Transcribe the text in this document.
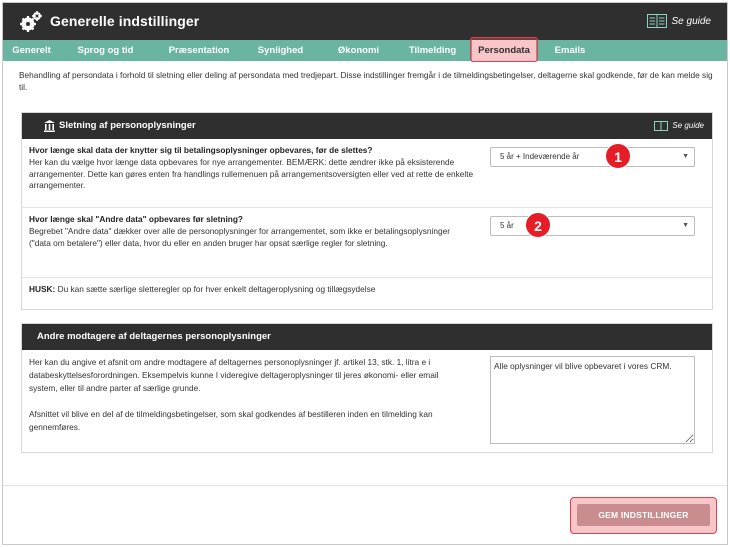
Generelle indstillinger	Se guide
Generelt	Sprog og tid	Præsentation	Synlighed	Økonomi	Tilmelding	Persondata	Emails
Behandling af persondata i forhold til sletning eller deling af persondata med tredjepart. Disse indstillinger fremgår i de tilmeldingsbetingelser, deltagerne skal godkende, før de kan melde sig til.
Sletning af personoplysninger	Se guide
Hvor længe skal data der knytter sig til betalingsoplysninger opbevares, før de slettes?
Her kan du vælge hvor længe data opbevares for nye arrangementer. BEMÆRK: dette ændrer ikke på eksisterende arrangementer. Dette kan gøres enten fra handlings rullemenuen på arrangementsoversigten eller ved at rette de enkelte arrangementer.
5 år + Indeværende år	▼
1
Hvor længe skal "Andre data" opbevares før sletning?
Begrebet "Andre data" dækker over alle de personoplysninger for arrangementet, som ikke er betalingsoplysninger ("data om betalere") eller data, hvor du eller en anden bruger har opsat særlige regler for sletning.
5 år	▼
2
HUSK: Du kan sætte særlige sletteregler op for hver enkelt deltageroplysning og tillægsydelse
Andre modtagere af deltagernes personoplysninger
Her kan du angive et afsnit om andre modtagere af deltagernes personoplysninger jf. artikel 13, stk. 1, litra e i databeskyttelsesforordningen. Eksempelvis kunne I videregive deltageroplysninger til jeres økonomi- eller email system, eller til andre parter af særlige grunde.

Afsnittet vil blive en del af de tilmeldingsbetingelser, som skal godkendes af bestilleren inden en tilmelding kan gennemføres.
Alle oplysninger vil blive opbevaret i vores CRM.
GEM INDSTILLINGER
